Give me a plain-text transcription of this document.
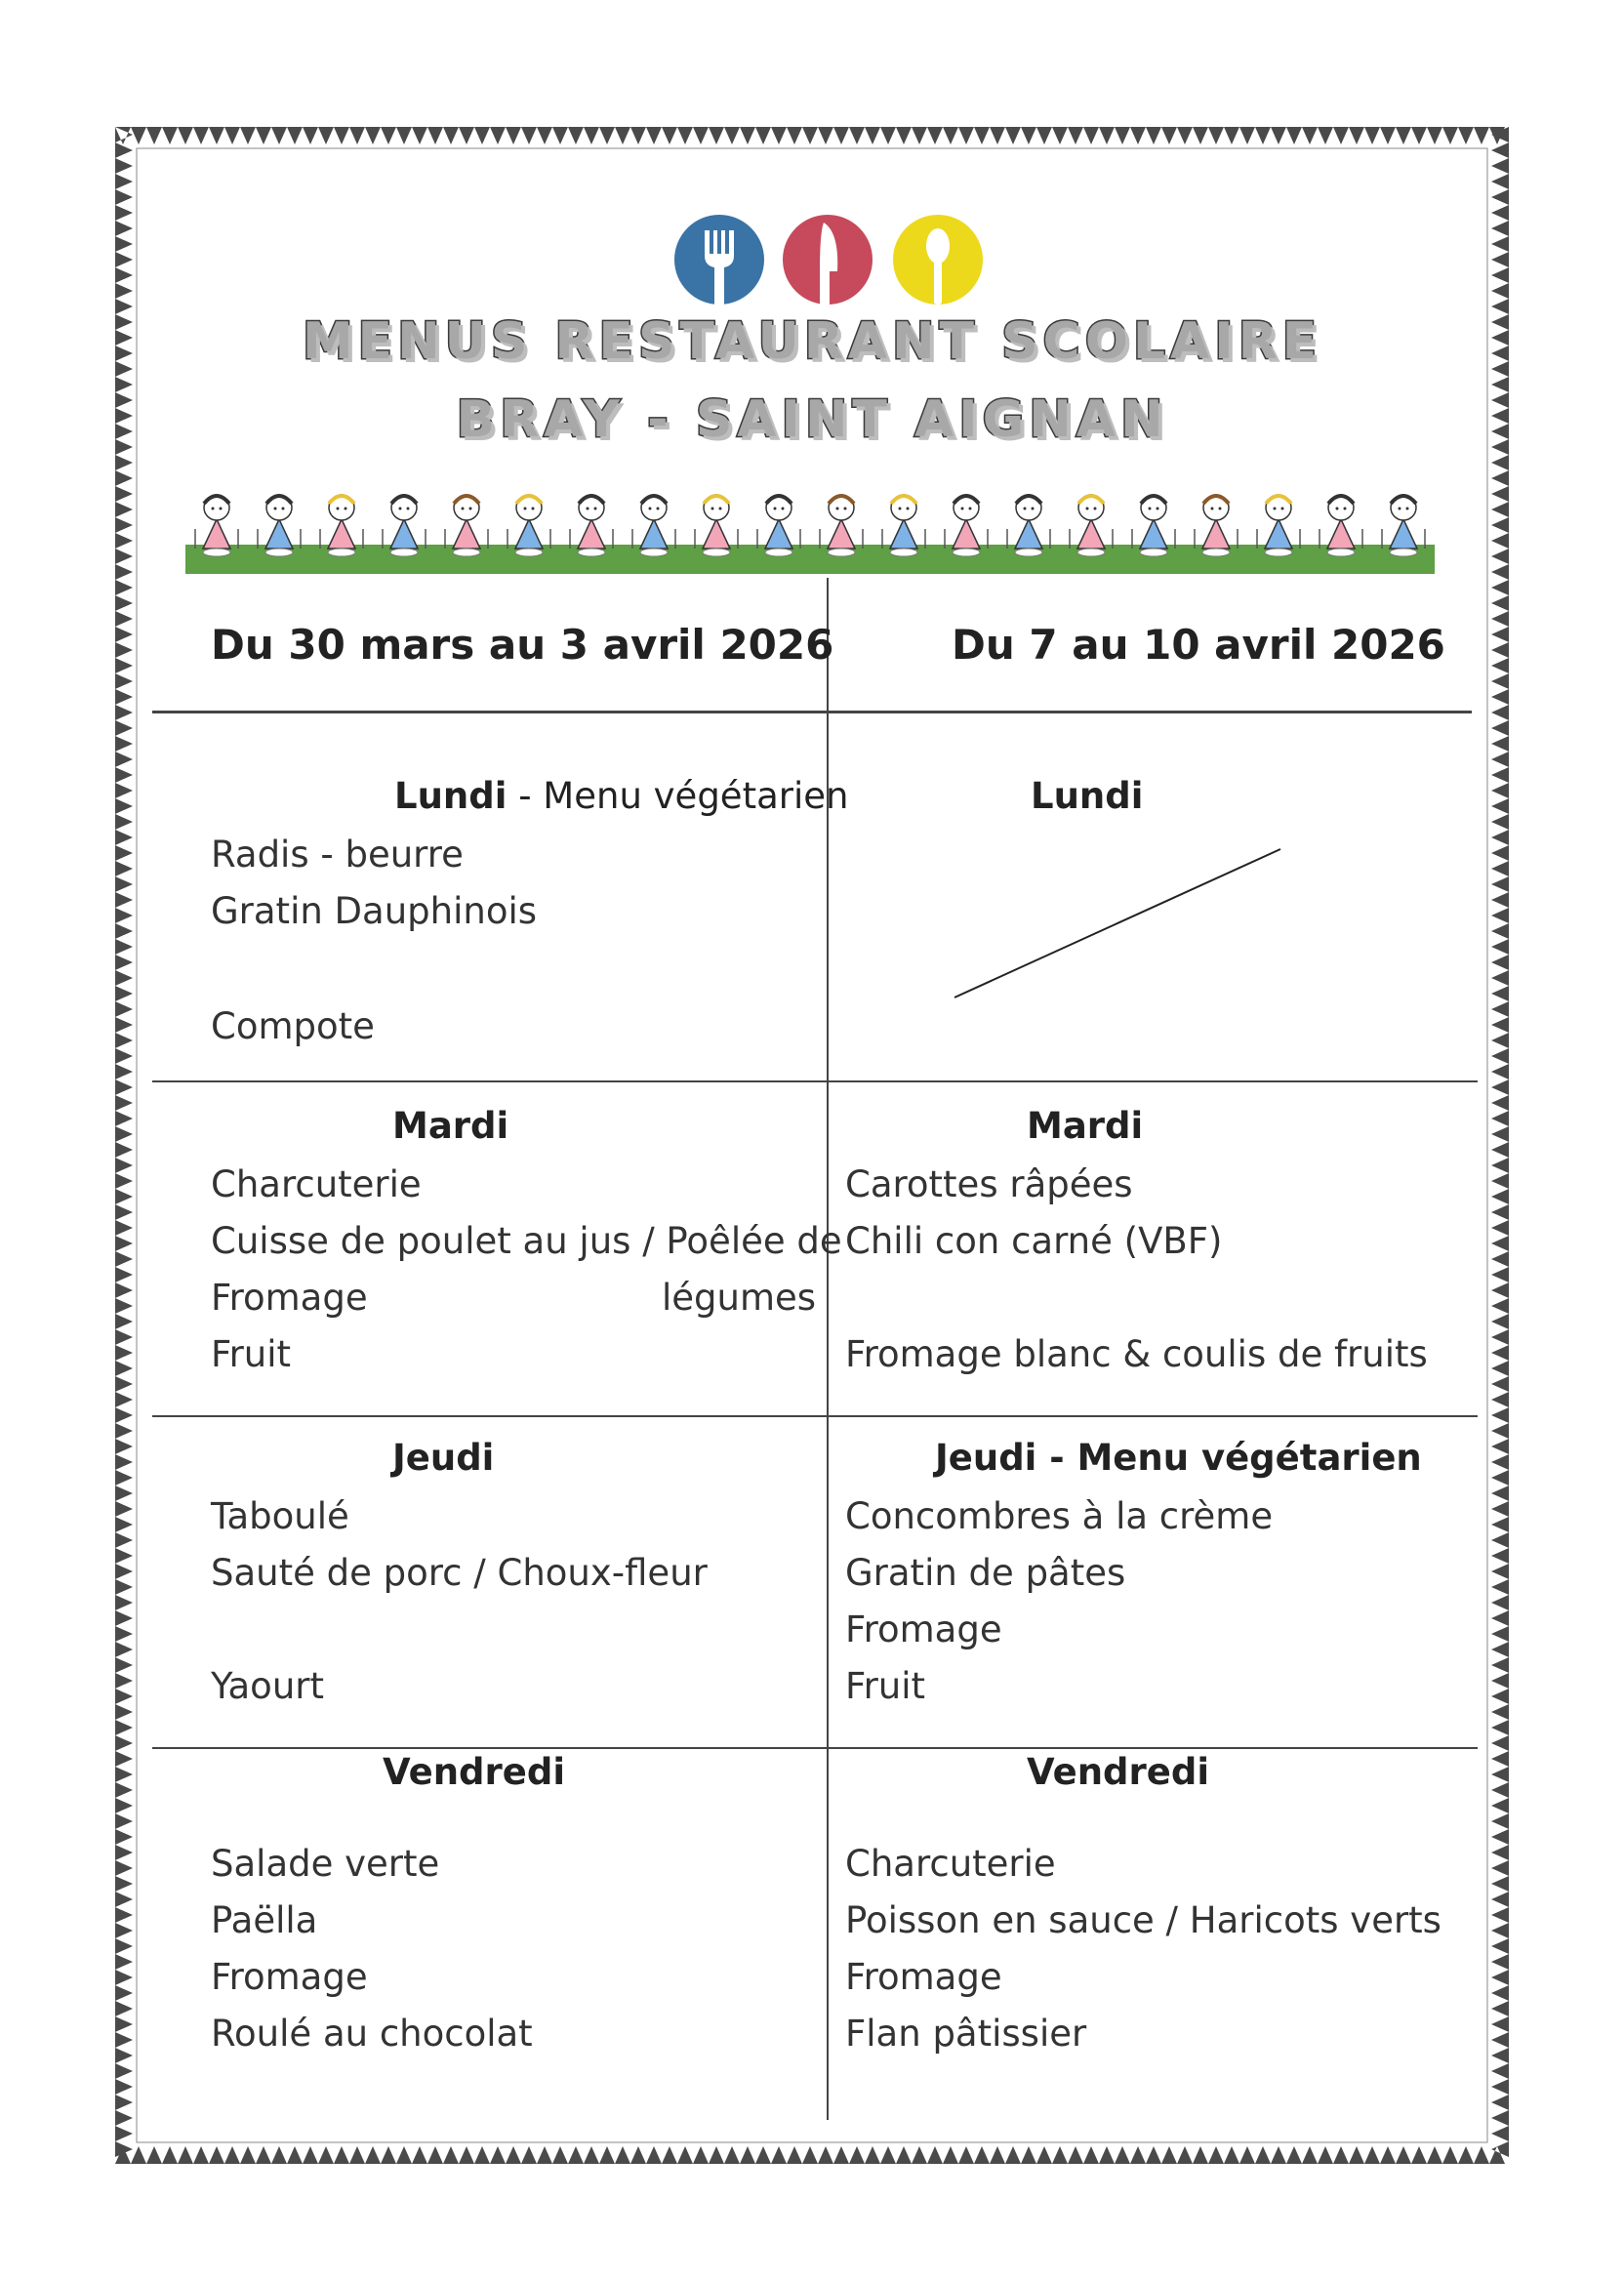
MENUS RESTAURANT SCOLAIRE
BRAY - SAINT AIGNAN
Du 30 mars au 3 avril 2026	Du 7 au 10 avril 2026
Lundi - Menu végétarien
Radis - beurre
Gratin Dauphinois
Compote
Lundi
Mardi
Charcuterie
Cuisse de poulet au jus / Poêlée de
Fromage	légumes
Fruit
Mardi
Carottes râpées
Chili con carné (VBF)
Fromage blanc & coulis de fruits
Jeudi
Taboulé
Sauté de porc / Choux-fleur
Yaourt
Jeudi - Menu végétarien
Concombres à la crème
Gratin de pâtes
Fromage
Fruit
Vendredi
Salade verte
Paëlla
Fromage
Roulé au chocolat
Vendredi
Charcuterie
Poisson en sauce / Haricots verts
Fromage
Flan pâtissier
